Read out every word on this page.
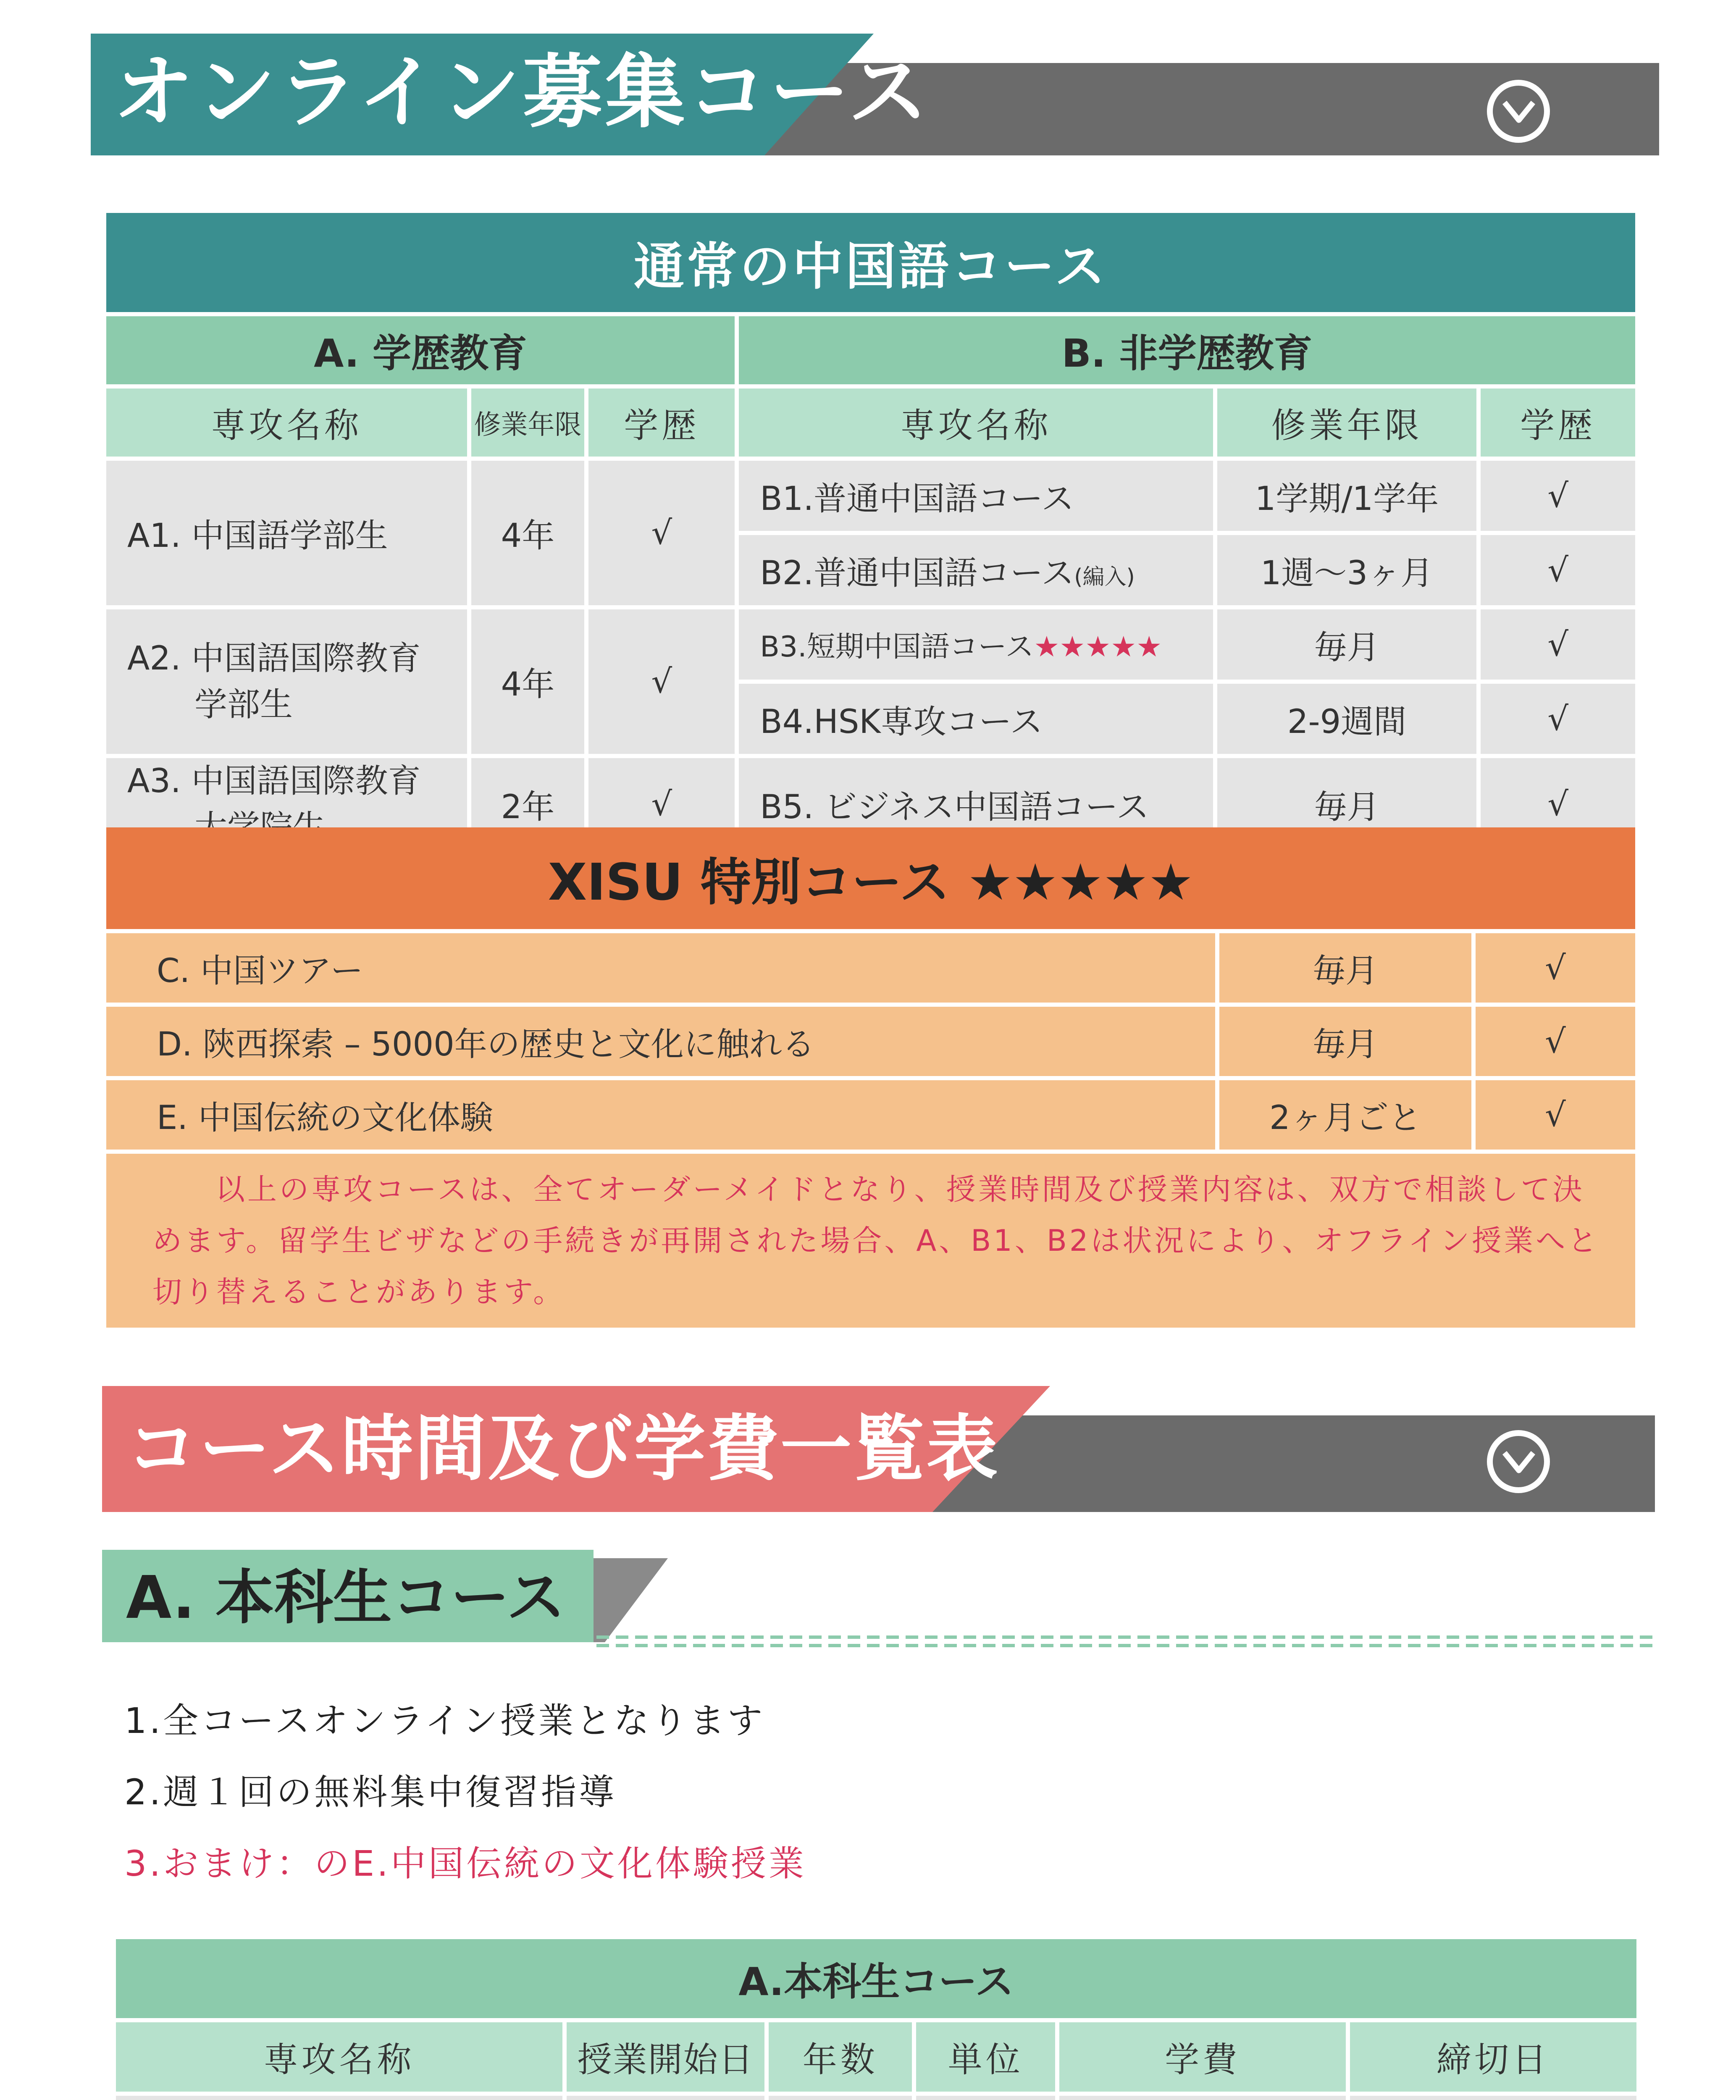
オンライン募集コース
通常の中国語コース					
A. 学歴教育			B. 非学歴教育		
専攻名称	修業年限	学歴	専攻名称	修業年限	学歴
A1. 中国語学部生	4年	√	B1.普通中国語コース	1学期/1学年	√
			B2.普通中国語コース(編入)	1週〜3ヶ月	√

A2. 中国語国際教育
学部生	4年	√	B3.短期中国語コース★★★★★	毎月	√
			B4.HSK専攻コース	2-9週間	√

A3. 中国語国際教育	2年	√	B5. ビジネス中国語コース	毎月	√
XISU 特別コース ★★★★★		
C. 中国ツアー	毎月	√
D. 陝西探索 – 5000年の歴史と文化に触れる	毎月	√
E. 中国伝統の文化体験	2ヶ月ごと	√
以上の専攻コースは、全てオーダーメイドとなり、授業時間及び授業内容は、双方で相談して決めます。留学生ビザなどの手続きが再開された場合、A、B1、B2は状況により、オフライン授業へと切り替えることがあります。		
コース時間及び学費一覧表
A. 本科生コース
1.全コースオンライン授業となります
2.週１回の無料集中復習指導
3.おまけ：のE.中国伝統の文化体験授業
A.本科生コース					
専攻名称	授業開始日	年数	単位	学費	締切日
